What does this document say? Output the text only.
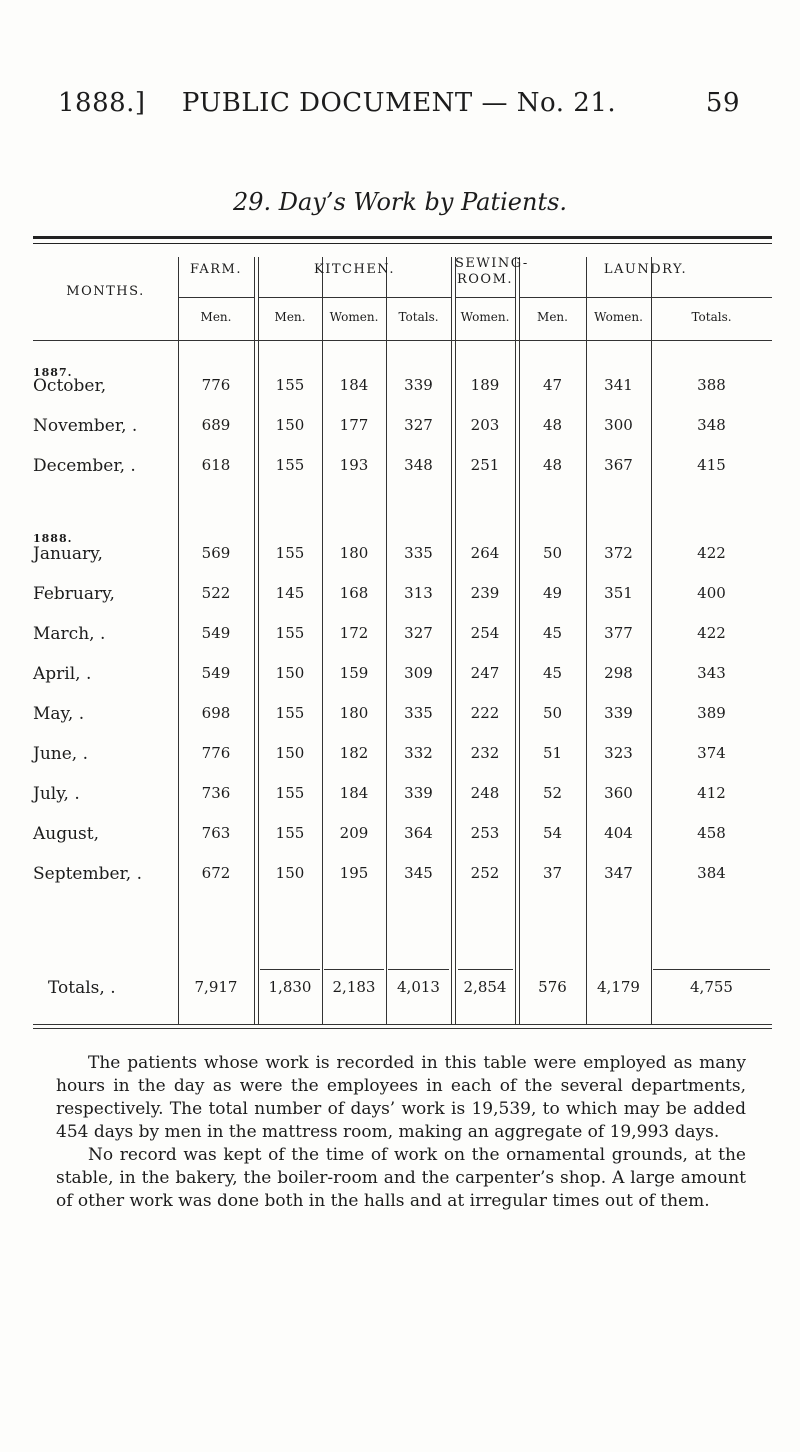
1888.]	PUBLIC DOCUMENT — No. 21.	59
29. Day’s Work by Patients.
MONTHS.
FARM.	KITCHEN.	SEWING-ROOM.
LAUNDRY.
Men.	Men.	Women.	Totals.	Women.	Men.	Women.	Totals.
1887.
1888.
October,	776	155	184	339	189	47	341	388
November, .	689	150	177	327	203	48	300	348
December, .	618	155	193	348	251	48	367	415
January,	569	155	180	335	264	50	372	422
February,	522	145	168	313	239	49	351	400
March, .	549	155	172	327	254	45	377	422
April, .	549	150	159	309	247	45	298	343
May, .	698	155	180	335	222	50	339	389
June, .	776	150	182	332	232	51	323	374
July, .	736	155	184	339	248	52	360	412
August,	763	155	209	364	253	54	404	458
September, .	672	150	195	345	252	37	347	384
Totals, .	7,917	1,830	2,183	4,013	2,854	576	4,179	4,755

The patients whose work is recorded in this table were employed as many hours in the day as were the employees in each of the several departments, respectively. The total number of days’ work is 19,539, to which may be added 454 days by men in the mattress room, making an aggregate of 19,993 days.

No record was kept of the time of work on the ornamental grounds, at the stable, in the bakery, the boiler-room and the carpenter’s shop. A large amount of other work was done both in the halls and at irregular times out of them.
